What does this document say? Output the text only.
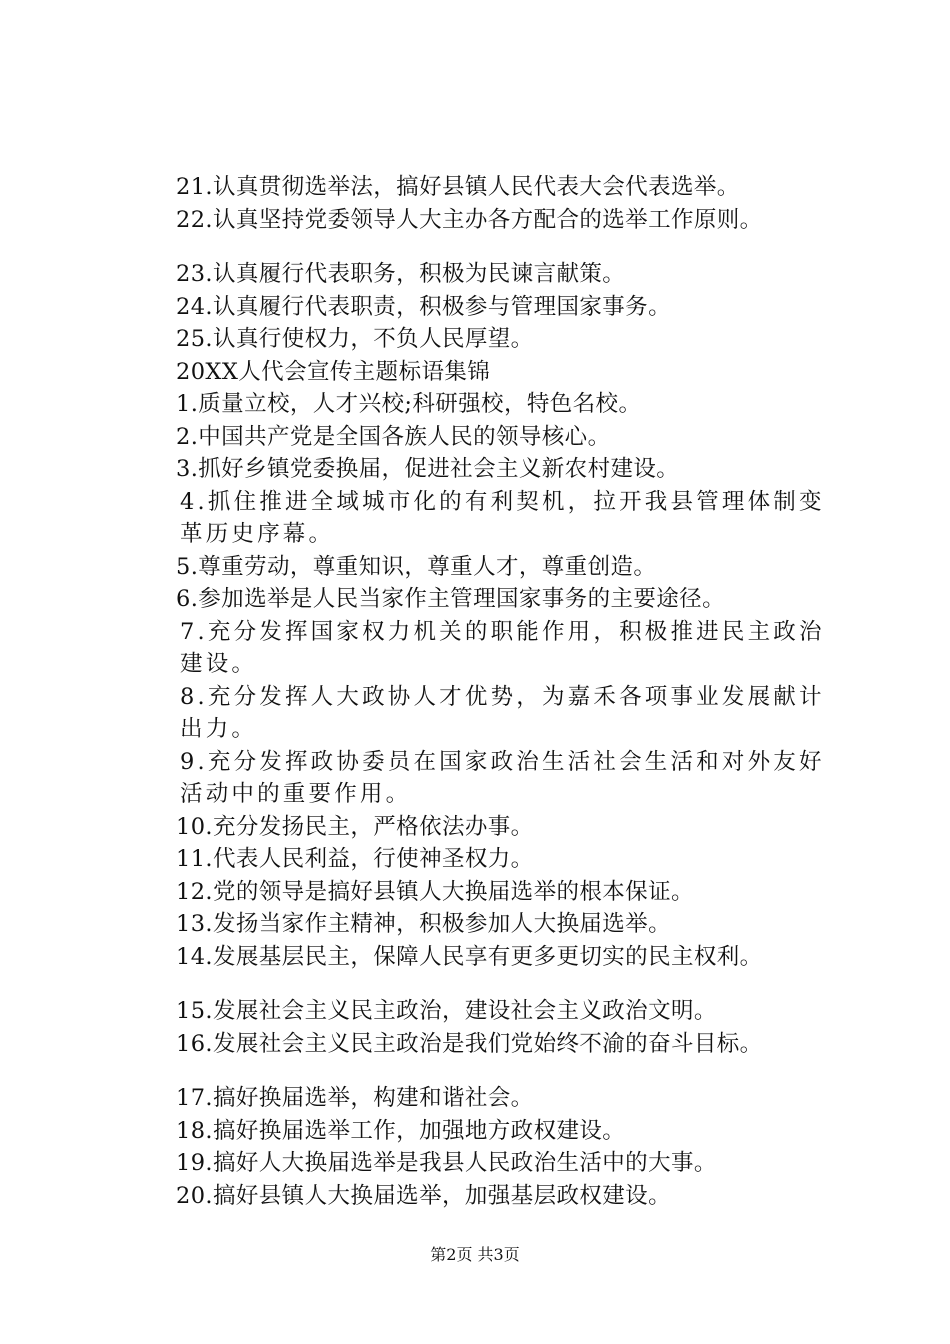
21.认真贯彻选举法，搞好县镇人民代表大会代表选举。
22.认真坚持党委领导人大主办各方配合的选举工作原则。
23.认真履行代表职务，积极为民谏言献策。
24.认真履行代表职责，积极参与管理国家事务。
25.认真行使权力，不负人民厚望。
20XX人代会宣传主题标语集锦
1.质量立校，人才兴校;科研强校，特色名校。
2.中国共产党是全国各族人民的领导核心。
3.抓好乡镇党委换届，促进社会主义新农村建设。
4.抓住推进全域城市化的有利契机，拉开我县管理体制变革历史序幕。
5.尊重劳动，尊重知识，尊重人才，尊重创造。
6.参加选举是人民当家作主管理国家事务的主要途径。
7.充分发挥国家权力机关的职能作用，积极推进民主政治建设。
8.充分发挥人大政协人才优势，为嘉禾各项事业发展献计出力。
9.充分发挥政协委员在国家政治生活社会生活和对外友好活动中的重要作用。
10.充分发扬民主，严格依法办事。
11.代表人民利益，行使神圣权力。
12.党的领导是搞好县镇人大换届选举的根本保证。
13.发扬当家作主精神，积极参加人大换届选举。
14.发展基层民主，保障人民享有更多更切实的民主权利。
15.发展社会主义民主政治，建设社会主义政治文明。
16.发展社会主义民主政治是我们党始终不渝的奋斗目标。
17.搞好换届选举，构建和谐社会。
18.搞好换届选举工作，加强地方政权建设。
19.搞好人大换届选举是我县人民政治生活中的大事。
20.搞好县镇人大换届选举，加强基层政权建设。
第2页 共3页
